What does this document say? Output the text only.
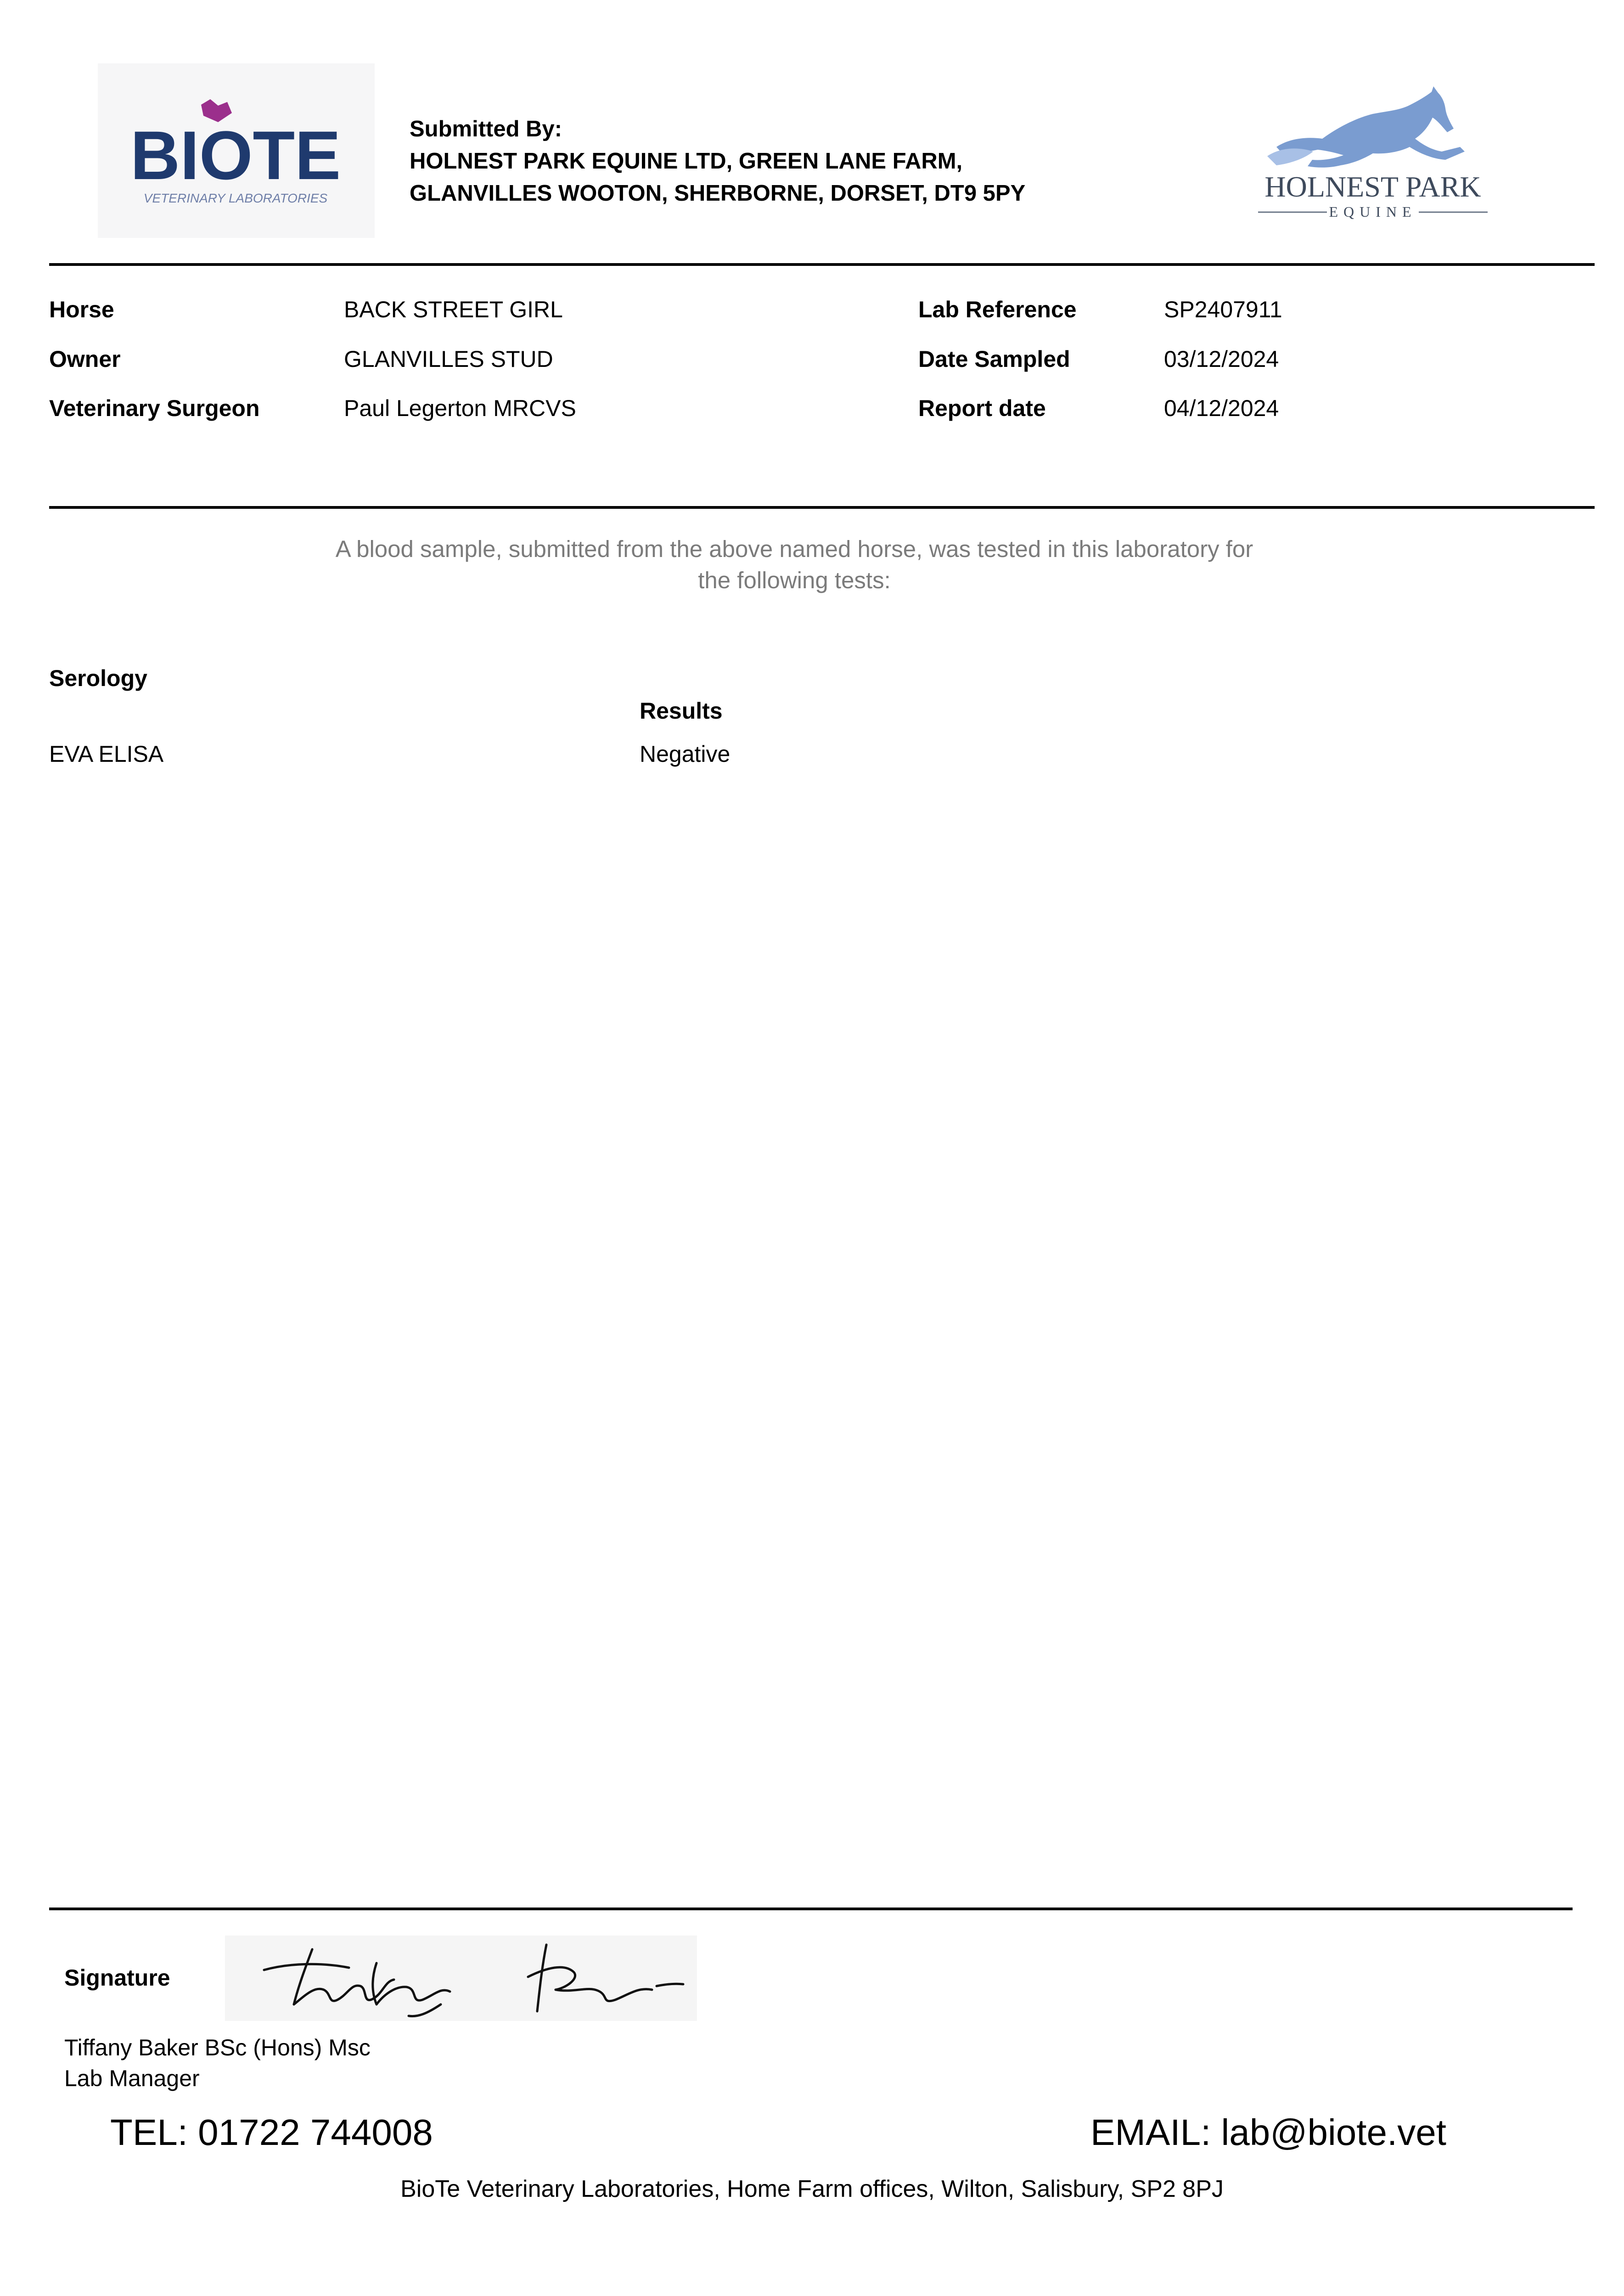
BIOTE
VETERINARY LABORATORIES
Submitted By:
HOLNEST PARK EQUINE LTD, GREEN LANE FARM,
GLANVILLES WOOTON, SHERBORNE, DORSET, DT9 5PY	HOLNEST PARK
EQUINE
Horse	BACK STREET GIRL	Lab Reference	SP2407911
Owner	GLANVILLES STUD	Date Sampled	03/12/2024
Veterinary Surgeon	Paul Legerton MRCVS	Report date	04/12/2024
A blood sample, submitted from the above named horse, was tested in this laboratory for
the following tests:
Serology
Results
EVA ELISA	Negative
Signature
Tiffany Baker BSc (Hons) Msc
Lab Manager
TEL: 01722 744008	EMAIL: lab@biote.vet
BioTe Veterinary Laboratories, Home Farm offices, Wilton, Salisbury, SP2 8PJ
